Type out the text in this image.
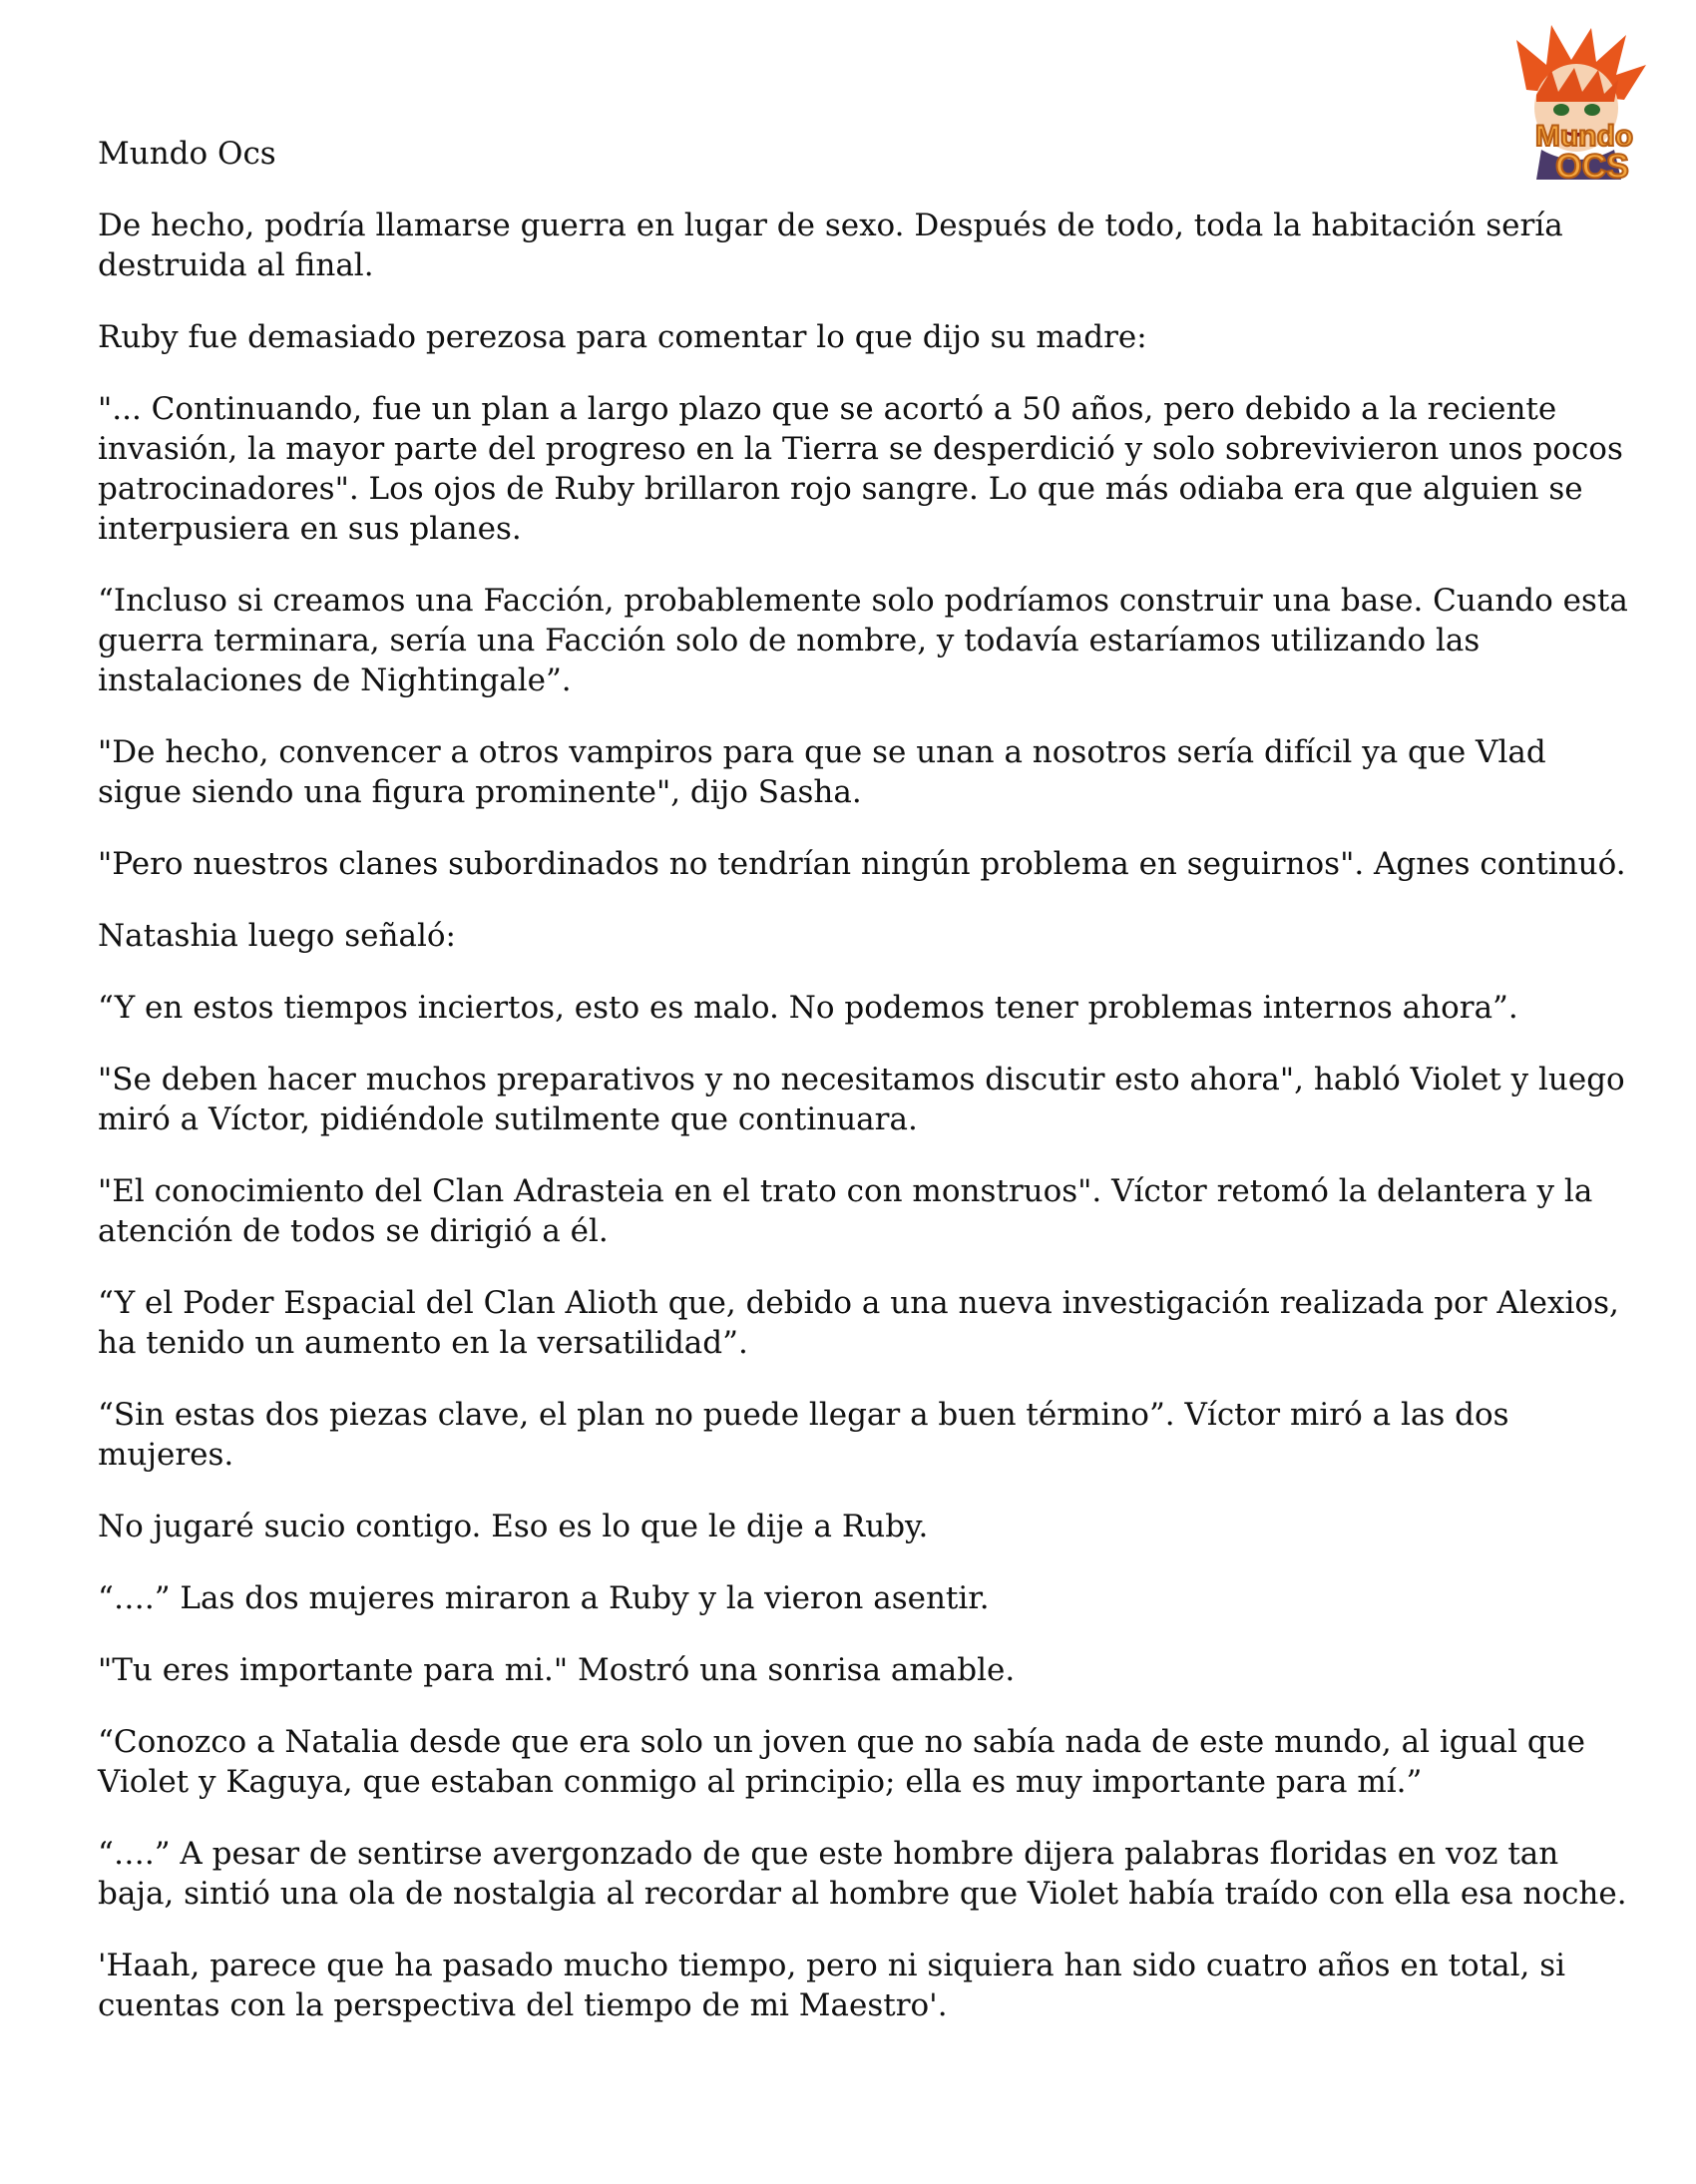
Mundo
OCS

Mundo Ocs

De hecho, podría llamarse guerra en lugar de sexo. Después de todo, toda la habitación sería destruida al final.

Ruby fue demasiado perezosa para comentar lo que dijo su madre:

"... Continuando, fue un plan a largo plazo que se acortó a 50 años, pero debido a la reciente invasión, la mayor parte del progreso en la Tierra se desperdició y solo sobrevivieron unos pocos patrocinadores". Los ojos de Ruby brillaron rojo sangre. Lo que más odiaba era que alguien se interpusiera en sus planes.

“Incluso si creamos una Facción, probablemente solo podríamos construir una base. Cuando esta guerra terminara, sería una Facción solo de nombre, y todavía estaríamos utilizando las instalaciones de Nightingale”.

"De hecho, convencer a otros vampiros para que se unan a nosotros sería difícil ya que Vlad sigue siendo una figura prominente", dijo Sasha.

"Pero nuestros clanes subordinados no tendrían ningún problema en seguirnos". Agnes continuó.

Natashia luego señaló:

“Y en estos tiempos inciertos, esto es malo. No podemos tener problemas internos ahora”.

"Se deben hacer muchos preparativos y no necesitamos discutir esto ahora", habló Violet y luego miró a Víctor, pidiéndole sutilmente que continuara.

"El conocimiento del Clan Adrasteia en el trato con monstruos". Víctor retomó la delantera y la atención de todos se dirigió a él.

“Y el Poder Espacial del Clan Alioth que, debido a una nueva investigación realizada por Alexios, ha tenido un aumento en la versatilidad”.

“Sin estas dos piezas clave, el plan no puede llegar a buen término”. Víctor miró a las dos mujeres.

No jugaré sucio contigo. Eso es lo que le dije a Ruby.

“….” Las dos mujeres miraron a Ruby y la vieron asentir.

"Tu eres importante para mi." Mostró una sonrisa amable.

“Conozco a Natalia desde que era solo un joven que no sabía nada de este mundo, al igual que Violet y Kaguya, que estaban conmigo al principio; ella es muy importante para mí.”

“….” A pesar de sentirse avergonzado de que este hombre dijera palabras floridas en voz tan baja, sintió una ola de nostalgia al recordar al hombre que Violet había traído con ella esa noche.

'Haah, parece que ha pasado mucho tiempo, pero ni siquiera han sido cuatro años en total, si cuentas con la perspectiva del tiempo de mi Maestro'.
